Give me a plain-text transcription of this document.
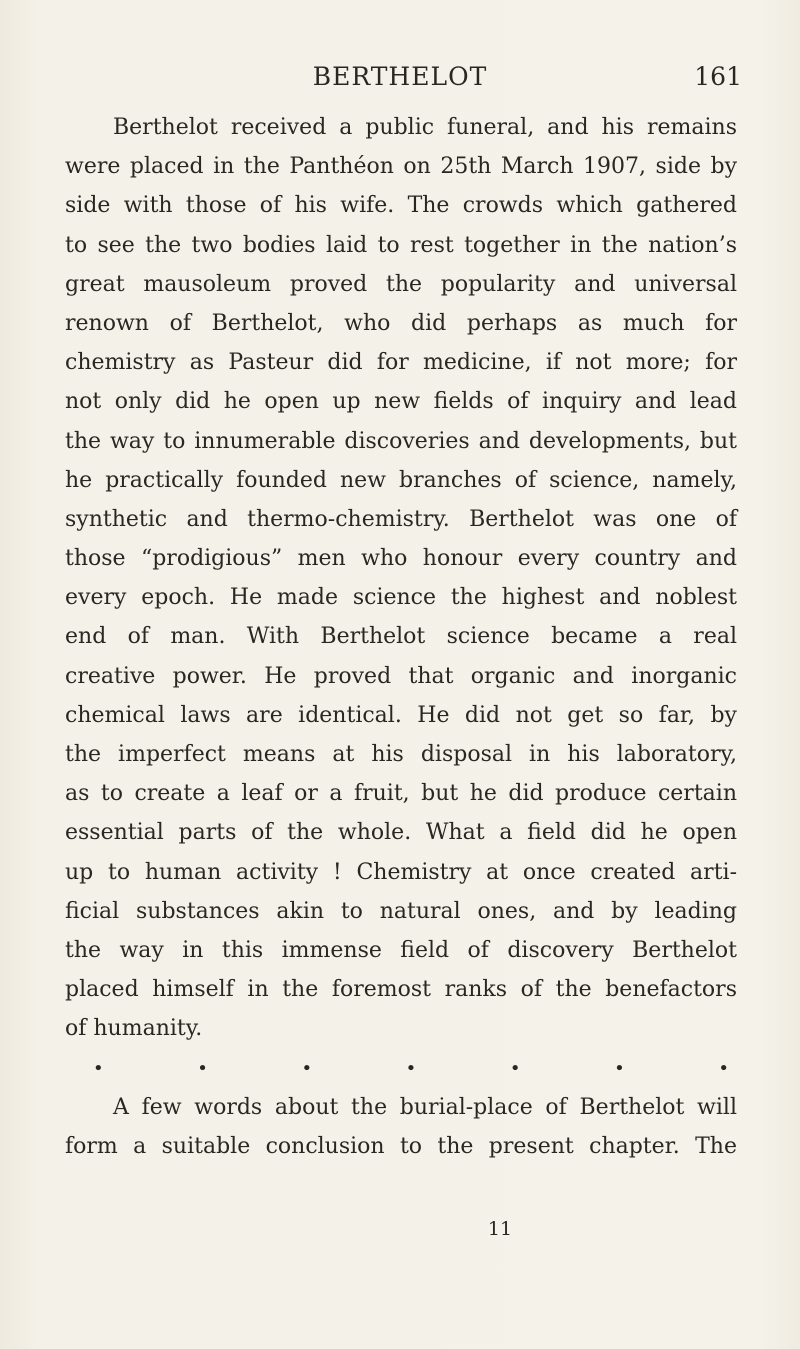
BERTHELOT	161
Berthelot received a public funeral, and his remains
were placed in the Panthéon on 25th March 1907, side by
side with those of his wife. The crowds which gathered
to see the two bodies laid to rest together in the nation’s
great mausoleum proved the popularity and universal
renown of Berthelot, who did perhaps as much for
chemistry as Pasteur did for medicine, if not more; for
not only did he open up new fields of inquiry and lead
the way to innumerable discoveries and developments, but
he practically founded new branches of science, namely,
synthetic and thermo-chemistry. Berthelot was one of
those “prodigious” men who honour every country and
every epoch. He made science the highest and noblest
end of man. With Berthelot science became a real
creative power. He proved that organic and inorganic
chemical laws are identical. He did not get so far, by
the imperfect means at his disposal in his laboratory,
as to create a leaf or a fruit, but he did produce certain
essential parts of the whole. What a field did he open
up to human activity ! Chemistry at once created arti-
ficial substances akin to natural ones, and by leading
the way in this immense field of discovery Berthelot
placed himself in the foremost ranks of the benefactors
of humanity.
•	•	•	•	•	•	•
A few words about the burial-place of Berthelot will
form a suitable conclusion to the present chapter. The
11
